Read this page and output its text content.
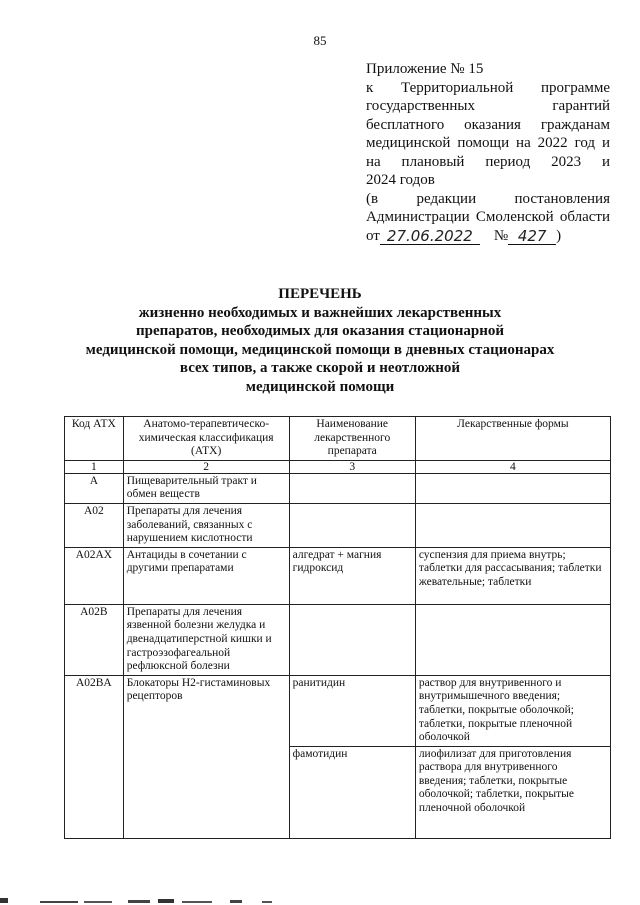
85
Приложение № 15
к Территориальной программе
государственных гарантий
бесплатного оказания гражданам
медицинской помощи на 2022 год и
на плановый период 2023 и
2024 годов
(в редакции постановления
Администрации Смоленской области
от 27.06.2022	№ 427 )
ПЕРЕЧЕНЬ
жизненно необходимых и важнейших лекарственных
препаратов, необходимых для оказания стационарной
медицинской помощи, медицинской помощи в дневных стационарах
всех типов, а также скорой и неотложной
медицинской помощи
Код АТХ	Анатомо-терапевтическо-химическая классификация (АТХ)	Наименование лекарственного препарата	Лекарственные формы
1	2	3	4
A	Пищеварительный тракт и обмен веществ		
A02	Препараты для лечения заболеваний, связанных с нарушением кислотности		
A02AX	Антациды в сочетании с другими препаратами	алгедрат + магния гидроксид	суспензия для приема внутрь; таблетки для рассасывания; таблетки жевательные; таблетки
A02B	Препараты для лечения язвенной болезни желудка и двенадцатиперстной кишки и гастроэзофагеальной рефлюксной болезни		
A02BA	Блокаторы Н2-гистаминовых рецепторов	ранитидин	раствор для внутривенного и внутримышечного введения; таблетки, покрытые оболочкой; таблетки, покрытые пленочной оболочкой
		фамотидин	лиофилизат для приготовления раствора для внутривенного введения; таблетки, покрытые оболочкой; таблетки, покрытые пленочной оболочкой
